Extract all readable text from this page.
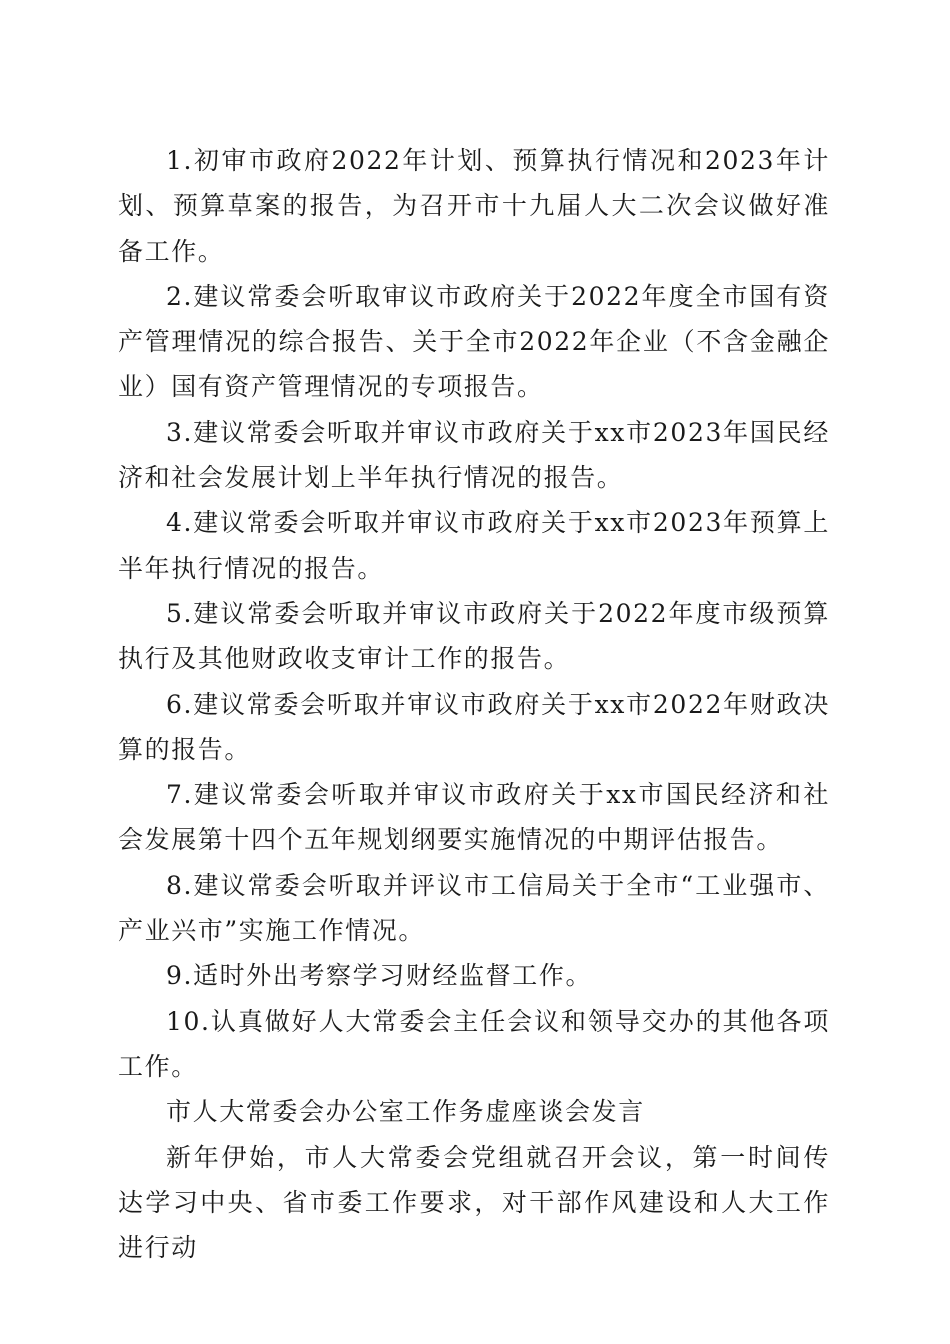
1.初审市政府2022年计划、预算执行情况和2023年计划、预算草案的报告，为召开市十九届人大二次会议做好准备工作。

2.建议常委会听取审议市政府关于2022年度全市国有资产管理情况的综合报告、关于全市2022年企业（不含金融企业）国有资产管理情况的专项报告。

3.建议常委会听取并审议市政府关于xx市2023年国民经济和社会发展计划上半年执行情况的报告。

4.建议常委会听取并审议市政府关于xx市2023年预算上半年执行情况的报告。

5.建议常委会听取并审议市政府关于2022年度市级预算执行及其他财政收支审计工作的报告。

6.建议常委会听取并审议市政府关于xx市2022年财政决算的报告。

7.建议常委会听取并审议市政府关于xx市国民经济和社会发展第十四个五年规划纲要实施情况的中期评估报告。

8.建议常委会听取并评议市工信局关于全市“工业强市、产业兴市”实施工作情况。

9.适时外出考察学习财经监督工作。

10.认真做好人大常委会主任会议和领导交办的其他各项工作。

市人大常委会办公室工作务虚座谈会发言

新年伊始，市人大常委会党组就召开会议，第一时间传达学习中央、省市委工作要求，对干部作风建设和人大工作进行动
